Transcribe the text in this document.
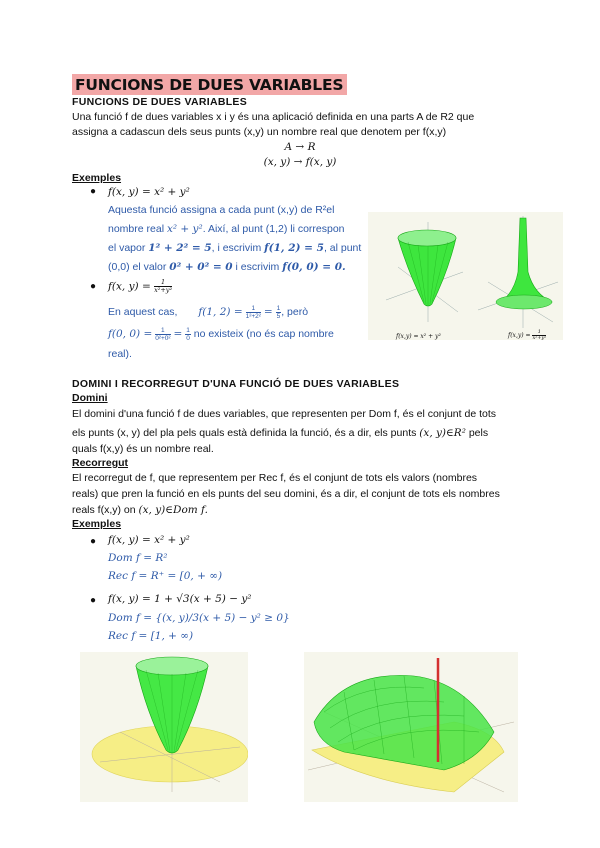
FUNCIONS DE DUES VARIABLES
FUNCIONS DE DUES VARIABLES
Una funció f de dues variables x i y és una aplicació definida en una parts A de R2 que
assigna a cadascun dels seus punts (x,y) un nombre real que denotem per f(x,y)
A → R
(x, y) → f(x, y)
Exemples
● f(x, y) = x² + y²
Aquesta funció assigna a cada punt (x,y) de R²el
nombre real x² + y². Així, al punt (1,2) li correspon
el vapor 1² + 2² = 5, i escrivim f(1, 2) = 5, al punt
(0,0) el valor 0² + 0² = 0 i escrivim f(0, 0) = 0.
● f(x, $y) = \frac{1}{\text{x²+y²}}$
En aquest cas, f(1, $2) = \frac{1}{\text{1²+2²}} = \frac{1}{5}$ , però
f(0, $0) = \frac{1}{\text{0²+0²}} = \frac{1}{0}$ no existeix (no és cap nombre
real).
f(x,y) = x² + y²	$f(x,y) = \frac{1}{\text{x²+y²}}$
DOMINI I RECORREGUT D'UNA FUNCIÓ DE DUES VARIABLES
Domini
El domini d'una funció f de dues variables, que representen per Dom f, és el conjunt de tots
els punts (x, y) del pla pels quals està definida la funció, és a dir, els punts (x, y)∈R² pels
quals f(x,y) és un nombre real.
Recorregut
El recorregut de f, que representem per Rec f, és el conjunt de tots els valors (nombres
reals) que pren la funció en els punts del seu domini, és a dir, el conjunt de tots els nombres
reals f(x,y) on (x, y)∈Dom f.
Exemples
● f(x, y) = x² + y²
Dom f = R²
Rec f = R⁺ = [0, + ∞)
● f(x, y) = 1 + √3(x + 5) − y²
Dom f = {(x, y)/3(x + 5) − y² ≥ 0}
Rec f = [1, + ∞)
